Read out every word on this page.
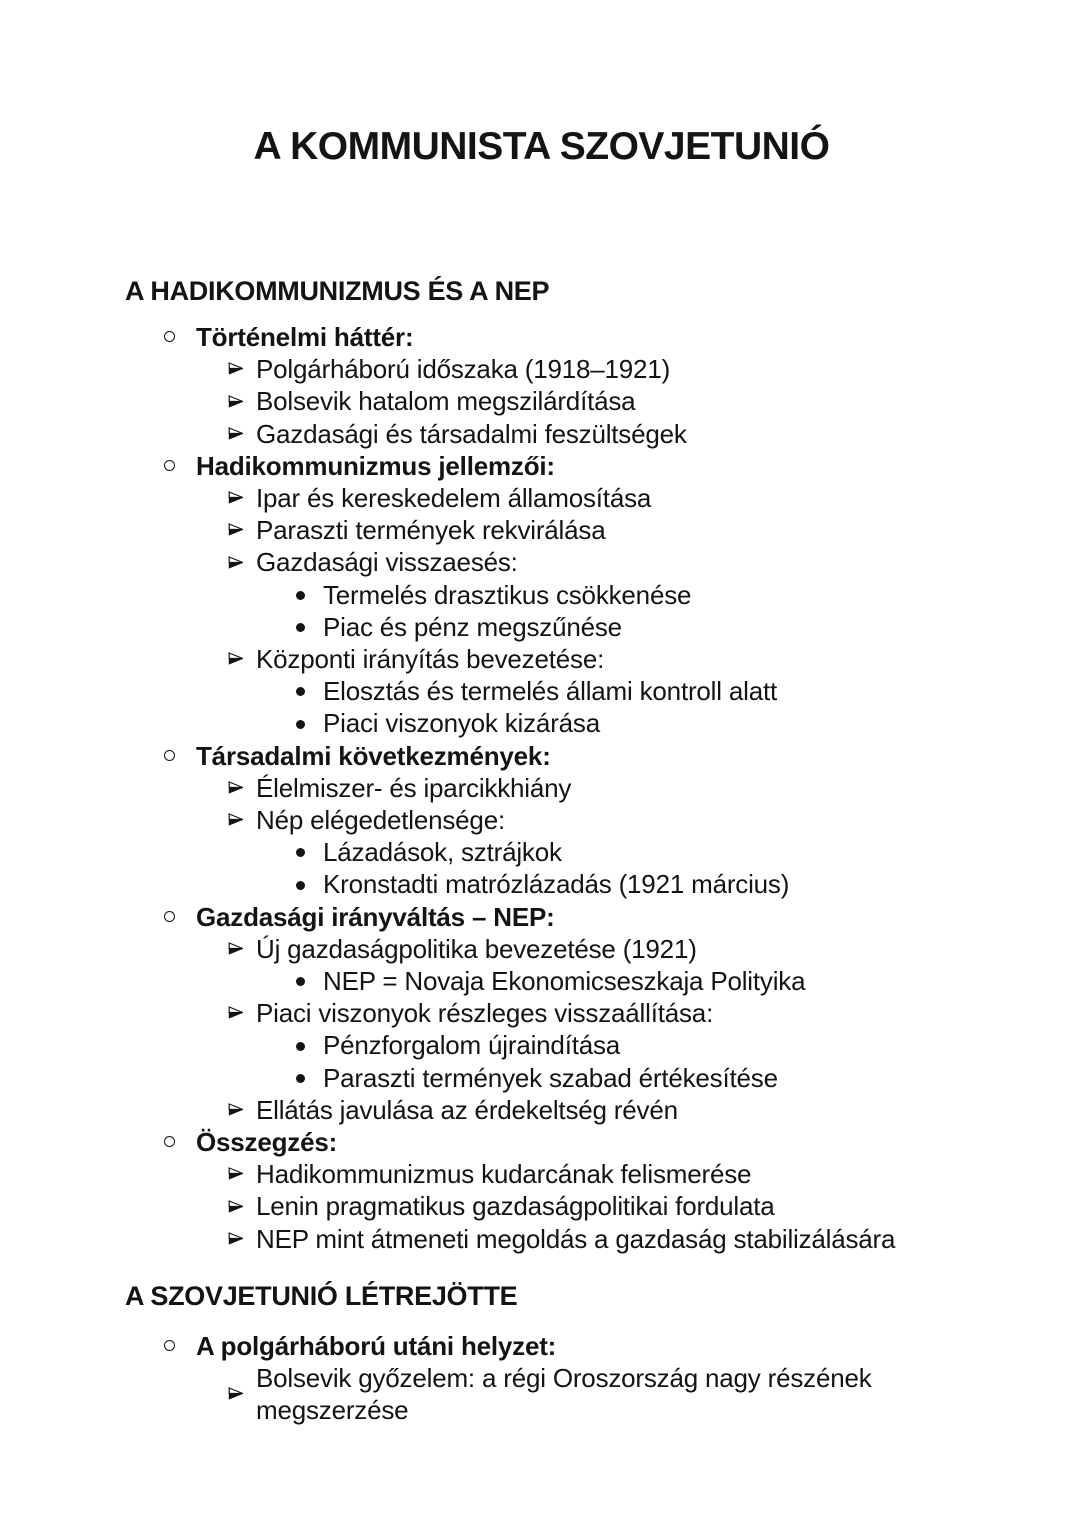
A KOMMUNISTA SZOVJETUNIÓ
A HADIKOMMUNIZMUS ÉS A NEP
Történelmi háttér:
Polgárháború időszaka (1918–1921)
Bolsevik hatalom megszilárdítása
Gazdasági és társadalmi feszültségek
Hadikommunizmus jellemzői:
Ipar és kereskedelem államosítása
Paraszti termények rekvirálása
Gazdasági visszaesés:
Termelés drasztikus csökkenése
Piac és pénz megszűnése
Központi irányítás bevezetése:
Elosztás és termelés állami kontroll alatt
Piaci viszonyok kizárása
Társadalmi következmények:
Élelmiszer- és iparcikkhiány
Nép elégedetlensége:
Lázadások, sztrájkok
Kronstadti matrózlázadás (1921 március)
Gazdasági irányváltás – NEP:
Új gazdaságpolitika bevezetése (1921)
NEP = Novaja Ekonomicseszkaja Polityika
Piaci viszonyok részleges visszaállítása:
Pénzforgalom újraindítása
Paraszti termények szabad értékesítése
Ellátás javulása az érdekeltség révén
Összegzés:
Hadikommunizmus kudarcának felismerése
Lenin pragmatikus gazdaságpolitikai fordulata
NEP mint átmeneti megoldás a gazdaság stabilizálására
A SZOVJETUNIÓ LÉTREJÖTTE
A polgárháború utáni helyzet:
Bolsevik győzelem: a régi Oroszország nagy részének megszerzése
